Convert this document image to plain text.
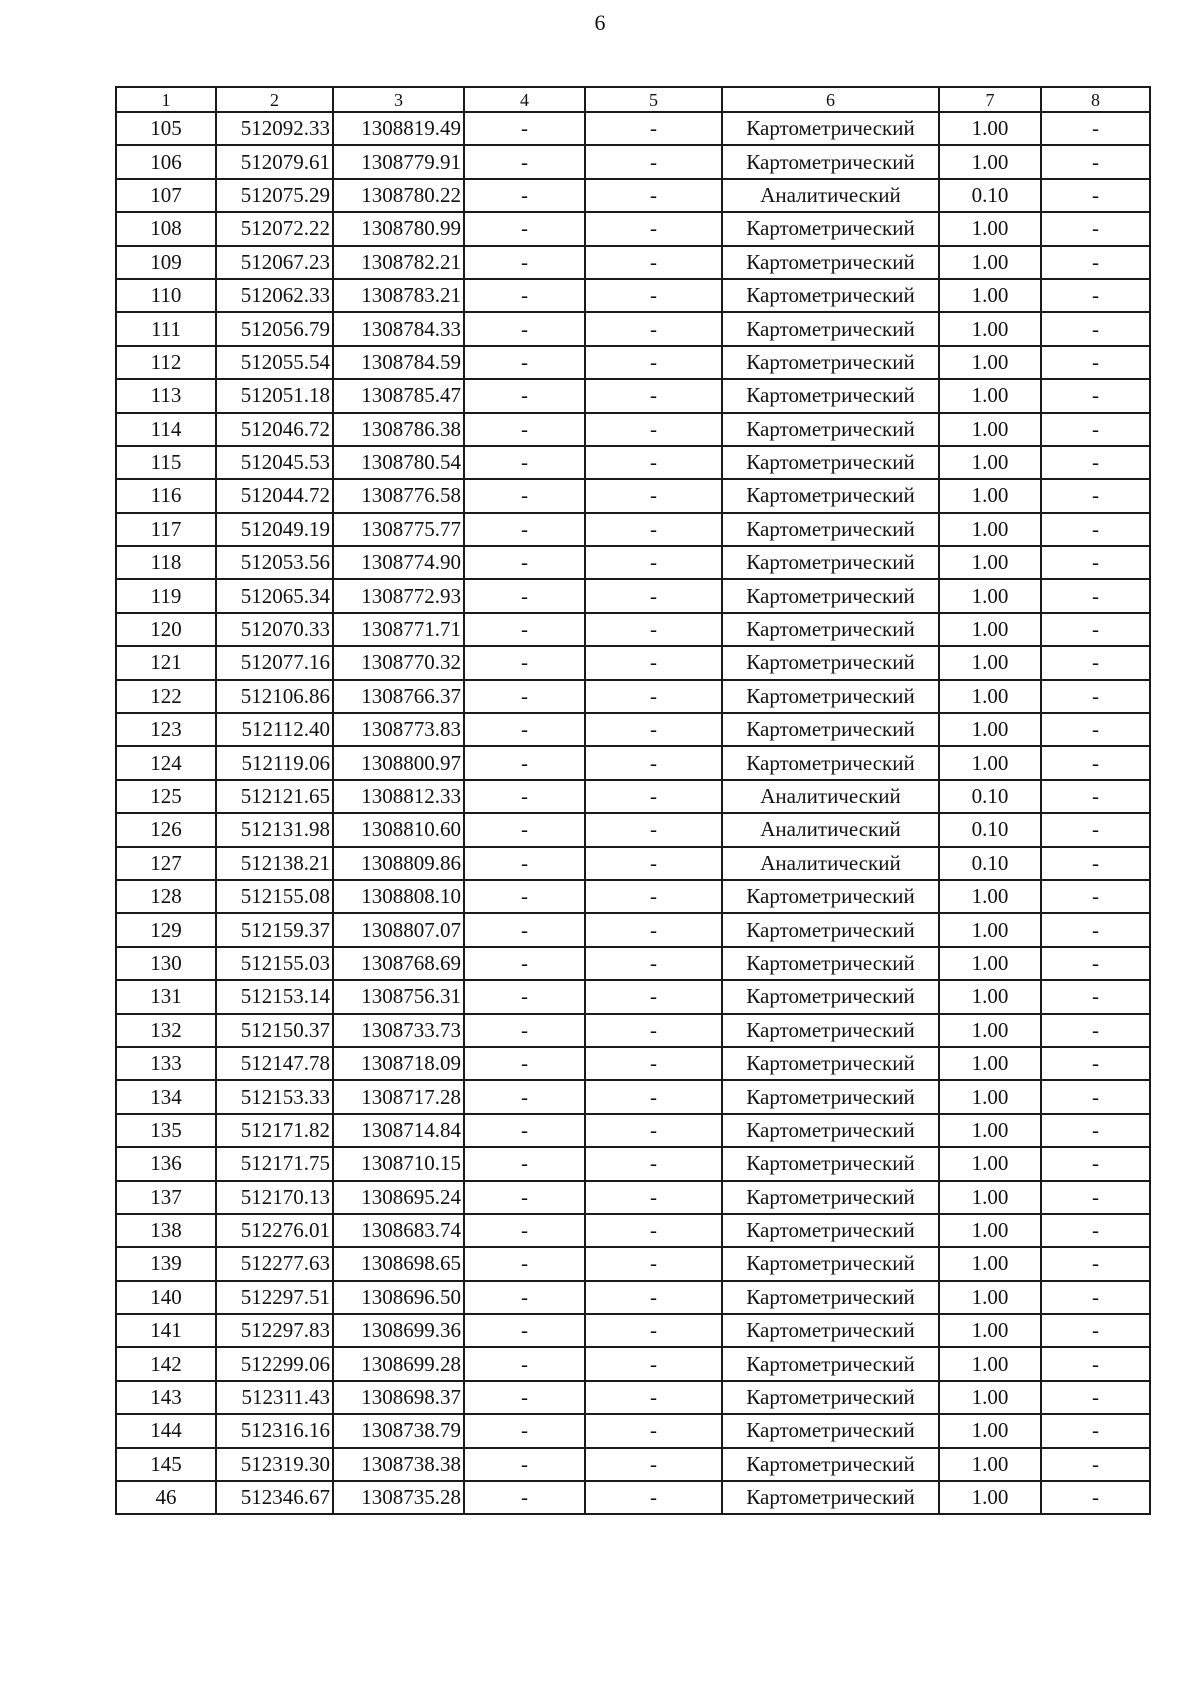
6
1	2	3	4	5	6	7	8
105	512092.33	1308819.49	-	-	Картометрический	1.00	-
106	512079.61	1308779.91	-	-	Картометрический	1.00	-
107	512075.29	1308780.22	-	-	Аналитический	0.10	-
108	512072.22	1308780.99	-	-	Картометрический	1.00	-
109	512067.23	1308782.21	-	-	Картометрический	1.00	-
110	512062.33	1308783.21	-	-	Картометрический	1.00	-
111	512056.79	1308784.33	-	-	Картометрический	1.00	-
112	512055.54	1308784.59	-	-	Картометрический	1.00	-
113	512051.18	1308785.47	-	-	Картометрический	1.00	-
114	512046.72	1308786.38	-	-	Картометрический	1.00	-
115	512045.53	1308780.54	-	-	Картометрический	1.00	-
116	512044.72	1308776.58	-	-	Картометрический	1.00	-
117	512049.19	1308775.77	-	-	Картометрический	1.00	-
118	512053.56	1308774.90	-	-	Картометрический	1.00	-
119	512065.34	1308772.93	-	-	Картометрический	1.00	-
120	512070.33	1308771.71	-	-	Картометрический	1.00	-
121	512077.16	1308770.32	-	-	Картометрический	1.00	-
122	512106.86	1308766.37	-	-	Картометрический	1.00	-
123	512112.40	1308773.83	-	-	Картометрический	1.00	-
124	512119.06	1308800.97	-	-	Картометрический	1.00	-
125	512121.65	1308812.33	-	-	Аналитический	0.10	-
126	512131.98	1308810.60	-	-	Аналитический	0.10	-
127	512138.21	1308809.86	-	-	Аналитический	0.10	-
128	512155.08	1308808.10	-	-	Картометрический	1.00	-
129	512159.37	1308807.07	-	-	Картометрический	1.00	-
130	512155.03	1308768.69	-	-	Картометрический	1.00	-
131	512153.14	1308756.31	-	-	Картометрический	1.00	-
132	512150.37	1308733.73	-	-	Картометрический	1.00	-
133	512147.78	1308718.09	-	-	Картометрический	1.00	-
134	512153.33	1308717.28	-	-	Картометрический	1.00	-
135	512171.82	1308714.84	-	-	Картометрический	1.00	-
136	512171.75	1308710.15	-	-	Картометрический	1.00	-
137	512170.13	1308695.24	-	-	Картометрический	1.00	-
138	512276.01	1308683.74	-	-	Картометрический	1.00	-
139	512277.63	1308698.65	-	-	Картометрический	1.00	-
140	512297.51	1308696.50	-	-	Картометрический	1.00	-
141	512297.83	1308699.36	-	-	Картометрический	1.00	-
142	512299.06	1308699.28	-	-	Картометрический	1.00	-
143	512311.43	1308698.37	-	-	Картометрический	1.00	-
144	512316.16	1308738.79	-	-	Картометрический	1.00	-
145	512319.30	1308738.38	-	-	Картометрический	1.00	-
46	512346.67	1308735.28	-	-	Картометрический	1.00	-
